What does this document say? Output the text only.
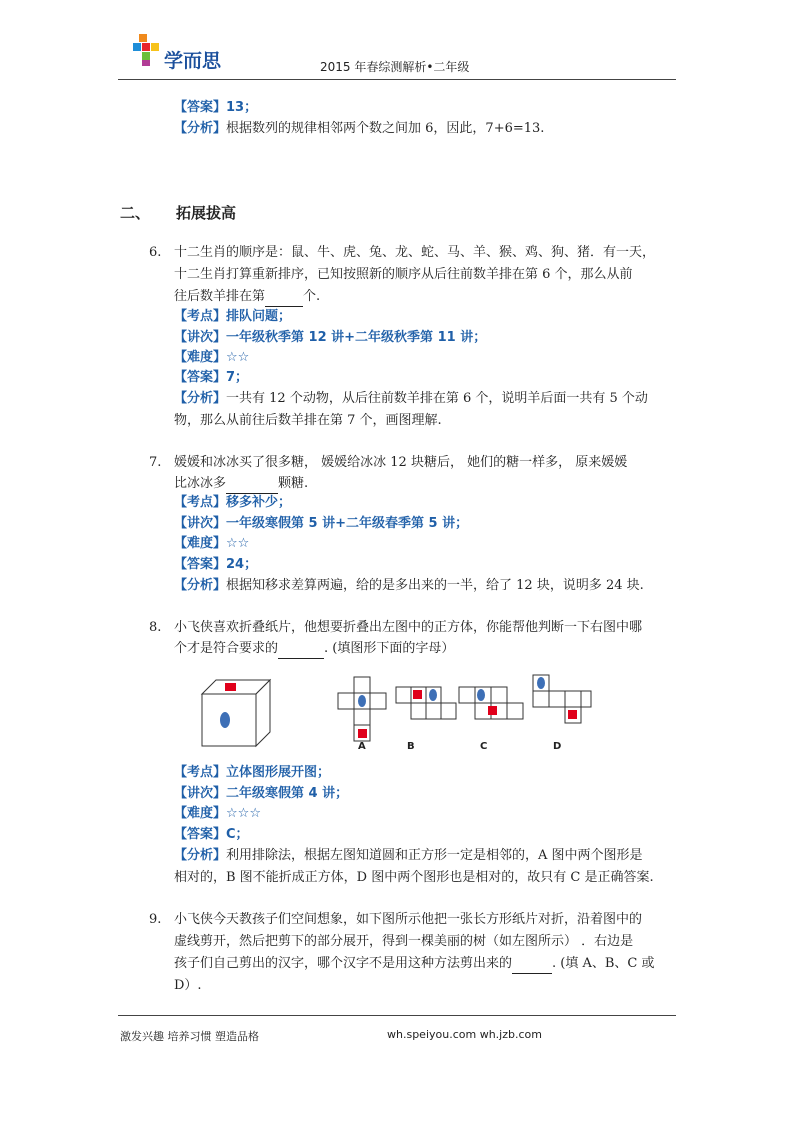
学而思	2015 年春综测解析•二年级
【答案】13；
【分析】根据数列的规律相邻两个数之间加 6，因此，7+6=13.
二、 拓展拔高
6. 十二生肖的顺序是：鼠、牛、虎、兔、龙、蛇、马、羊、猴、鸡、狗、猪．有一天，
十二生肖打算重新排序，已知按照新的顺序从后往前数羊排在第 6 个，那么从前
往后数羊排在第	个.
【考点】排队问题；
【讲次】一年级秋季第 12 讲+二年级秋季第 11 讲；
【难度】☆☆
【答案】7；
【分析】一共有 12 个动物，从后往前数羊排在第 6 个，说明羊后面一共有 5 个动
物，那么从前往后数羊排在第 7 个，画图理解.
7. 媛媛和冰冰买了很多糖， 媛媛给冰冰 12 块糖后， 她们的糖一样多， 原来媛媛
比冰冰多	颗糖.
【考点】移多补少；
【讲次】一年级寒假第 5 讲+二年级春季第 5 讲；
【难度】☆☆
【答案】24；
【分析】根据知移求差算两遍，给的是多出来的一半，给了 12 块，说明多 24 块.
8. 小飞侠喜欢折叠纸片，他想要折叠出左图中的正方体，你能帮他判断一下右图中哪
个才是符合要求的	. (填图形下面的字母）
A	B	C	D
【考点】立体图形展开图；
【讲次】二年级寒假第 4 讲；
【难度】☆☆☆
【答案】C；
【分析】利用排除法，根据左图知道圆和正方形一定是相邻的，A 图中两个图形是
相对的，B 图不能折成正方体，D 图中两个图形也是相对的，故只有 C 是正确答案.
9. 小飞侠今天教孩子们空间想象，如下图所示他把一张长方形纸片对折，沿着图中的
虚线剪开，然后把剪下的部分展开，得到一棵美丽的树（如左图所示） ．右边是
孩子们自己剪出的汉字，哪个汉字不是用这种方法剪出来的	. (填 A、B、C 或
D）.
激发兴趣 培养习惯 塑造品格	wh.speiyou.com wh.jzb.com
